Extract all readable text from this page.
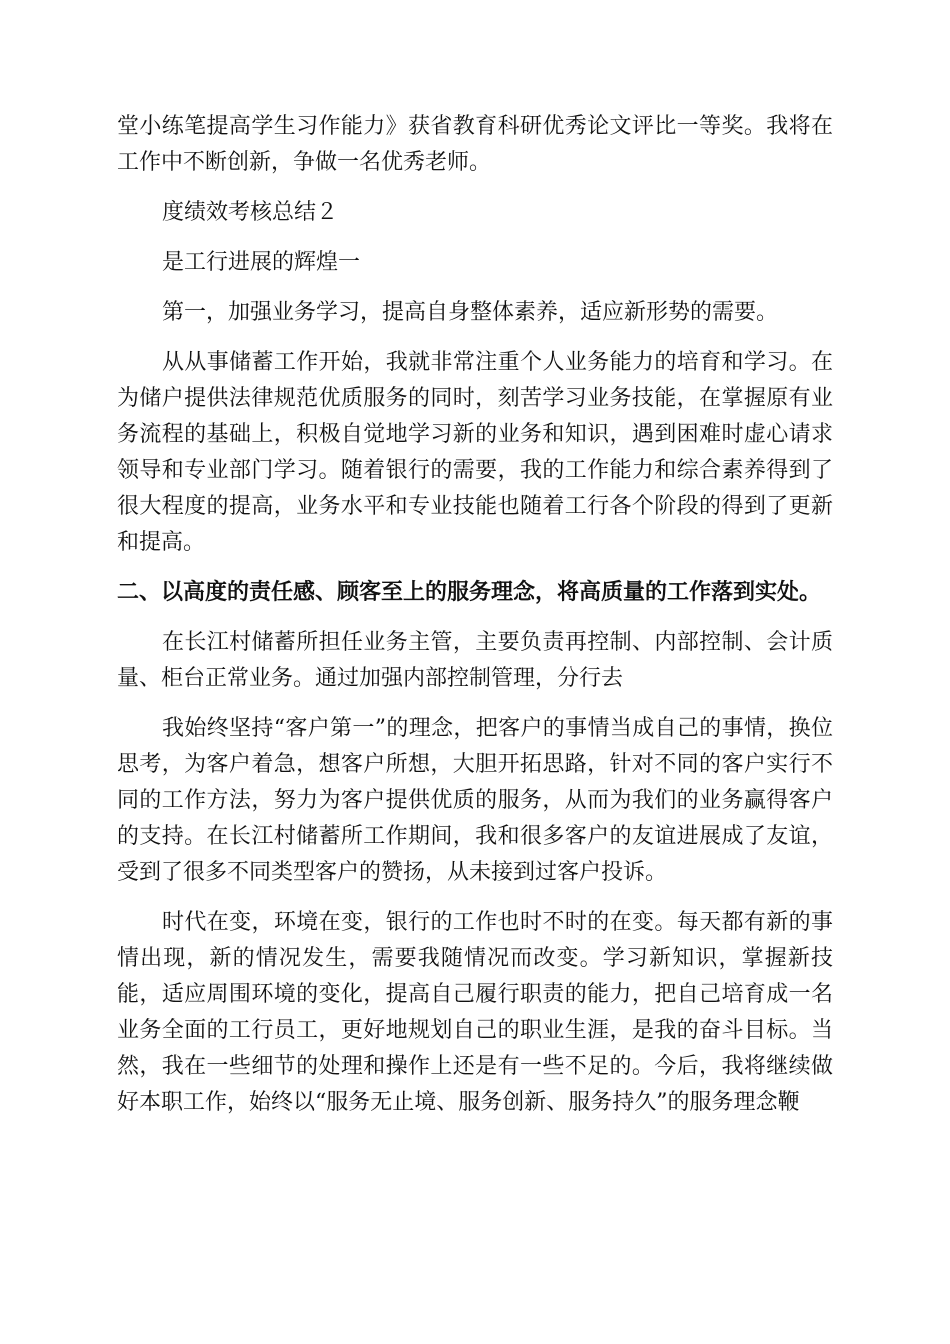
堂小练笔提高学生习作能力》获省教育科研优秀论文评比一等奖。我将在工作中不断创新，争做一名优秀老师。

度绩效考核总结２

是工行进展的辉煌一

第一，加强业务学习，提高自身整体素养，适应新形势的需要。

从从事储蓄工作开始，我就非常注重个人业务能力的培育和学习。在为储户提供法律规范优质服务的同时，刻苦学习业务技能，在掌握原有业务流程的基础上，积极自觉地学习新的业务和知识，遇到困难时虚心请求领导和专业部门学习。随着银行的需要，我的工作能力和综合素养得到了很大程度的提高，业务水平和专业技能也随着工行各个阶段的得到了更新和提高。

二、以高度的责任感、顾客至上的服务理念，将高质量的工作落到实处。

在长江村储蓄所担任业务主管，主要负责再控制、内部控制、会计质量、柜台正常业务。通过加强内部控制管理，分行去

我始终坚持“客户第一”的理念，把客户的事情当成自己的事情，换位思考，为客户着急，想客户所想，大胆开拓思路，针对不同的客户实行不同的工作方法，努力为客户提供优质的服务，从而为我们的业务赢得客户的支持。在长江村储蓄所工作期间，我和很多客户的友谊进展成了友谊，受到了很多不同类型客户的赞扬，从未接到过客户投诉。

时代在变，环境在变，银行的工作也时不时的在变。每天都有新的事情出现，新的情况发生，需要我随情况而改变。学习新知识，掌握新技能，适应周围环境的变化，提高自己履行职责的能力，把自己培育成一名业务全面的工行员工，更好地规划自己的职业生涯，是我的奋斗目标。当然，我在一些细节的处理和操作上还是有一些不足的。今后，我将继续做好本职工作，始终以“服务无止境、服务创新、服务持久”的服务理念鞭
